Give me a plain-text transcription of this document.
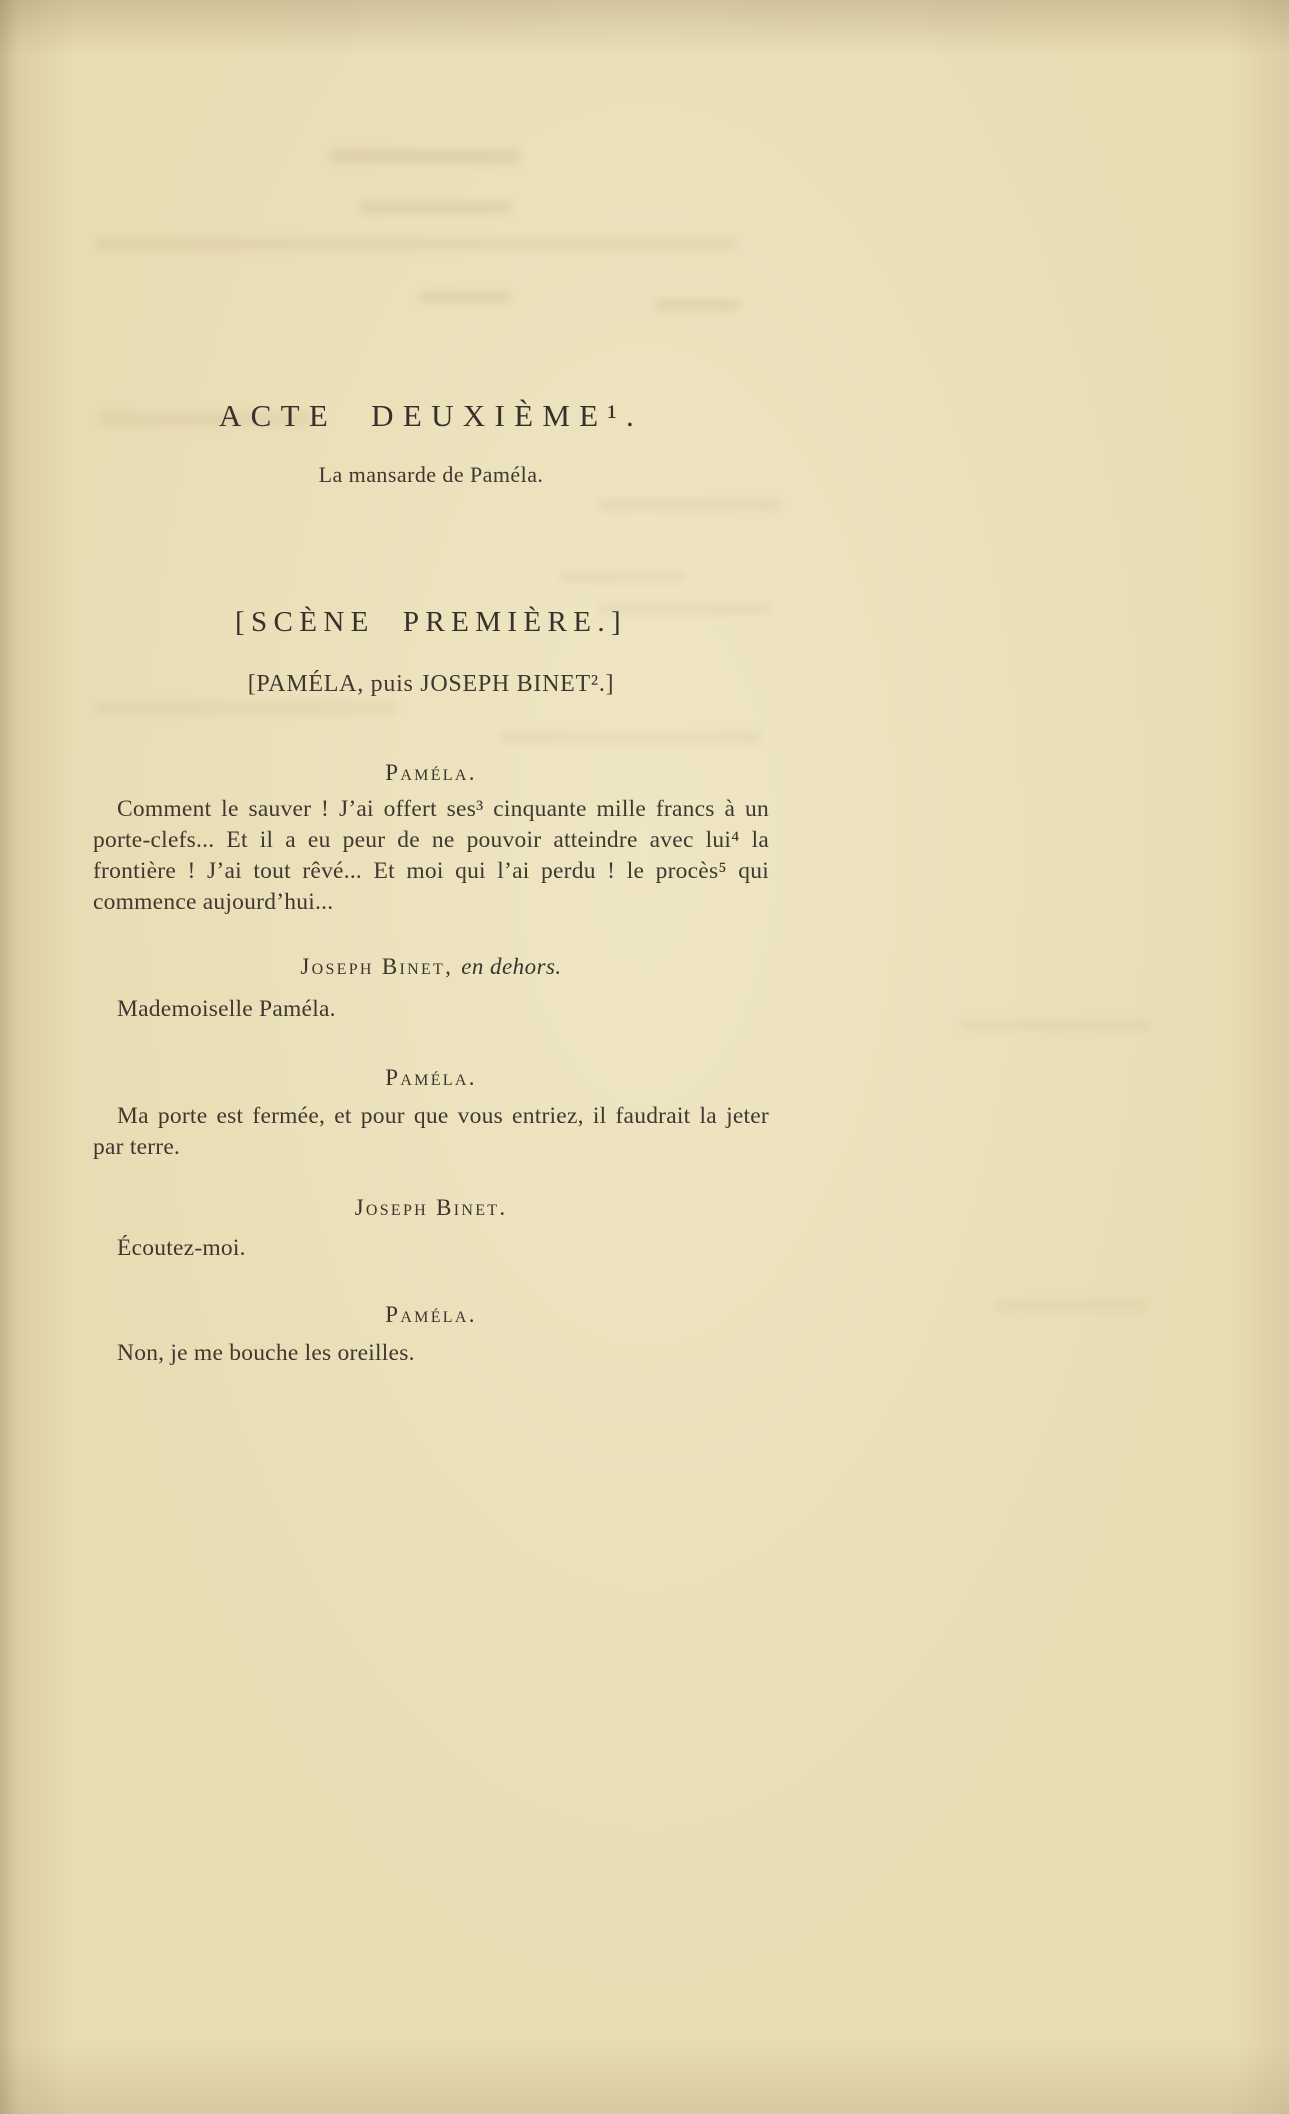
ACTE DEUXIÈME¹.
La mansarde de Paméla.
[SCÈNE PREMIÈRE.]
[PAMÉLA, puis JOSEPH BINET².]
Paméla.

Comment le sauver ! J’ai offert ses³ cinquante mille francs à un porte-clefs... Et il a eu peur de ne pouvoir atteindre avec lui⁴ la frontière ! J’ai tout rêvé... Et moi qui l’ai perdu ! le procès⁵ qui commence aujourd’hui...

Joseph Binet, en dehors.

Mademoiselle Paméla.

Paméla.

Ma porte est fermée, et pour que vous entriez, il faudrait la jeter par terre.

Joseph Binet.

Écoutez-moi.

Paméla.

Non, je me bouche les oreilles.
